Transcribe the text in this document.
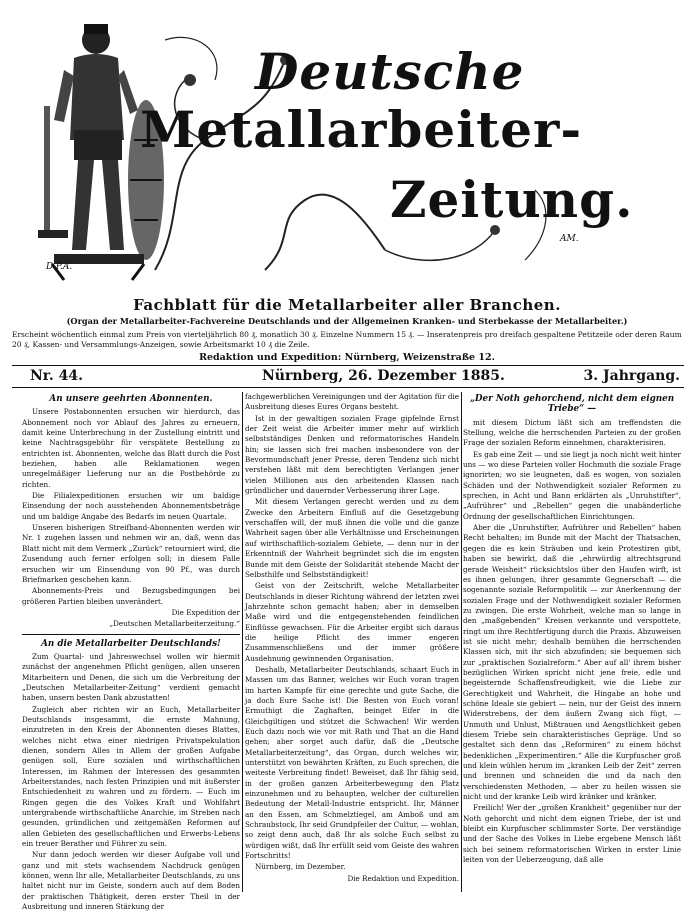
Deutsche
Metallarbeiter-
Zeitung.
D.P.A.
AM.
Fachblatt für die Metallarbeiter aller Branchen.
(Organ der Metallarbeiter-Fachvereine Deutschlands und der Allgemeinen Kranken- und Sterbekasse der Metallarbeiter.)
Erscheint wöchentlich einmal zum Preis von vierteljährlich 80 ₰, monatlich 30 ₰. Einzelne Nummern 15 ₰. — Inseratenpreis pro dreifach gespaltene Petitzeile oder deren Raum 20 ₰, Kassen- und Versammlungs-Anzeigen, sowie Arbeitsmarkt 10 ₰ die Zeile.
Redaktion und Expedition: Nürnberg, Weizenstraße 12.
Nr. 44.	Nürnberg, 26. Dezember 1885.	3. Jahrgang.
An unsere geehrten Abonnenten.

Unsere Postabonnenten ersuchen wir hierdurch, das Abonnement noch vor Ablauf des Jahres zu erneuern, damit keine Unterbrechung in der Zustellung eintritt und keine Nachtragsgebühr für verspätete Bestellung zu entrichten ist. Abonnenten, welche das Blatt durch die Post beziehen, haben alle Reklamationen wegen unregelmäßiger Lieferung nur an die Postbehörde zu richten.

Die Filialexpeditionen ersuchen wir um baldige Einsendung der noch ausstehenden Abonnementsbeträge und um baldige Angabe des Bedarfs im neuen Quartale.

Unseren bisherigen Streifband-Abonnenten werden wir Nr. 1 zugehen lassen und nehmen wir an, daß, wenn das Blatt nicht mit dem Vermerk „Zurück“ retourniert wird, die Zusendung auch ferner erfolgen soll; in diesem Falle ersuchen wir um Einsendung von 90 Pf., was durch Briefmarken geschehen kann.

Abonnements-Preis und Bezugsbedingungen bei größeren Partien bleiben unverändert.

Die Expedition der

„Deutschen Metallarbeiterzeitung.“

An die Metallarbeiter Deutschlands!

Zum Quartal- und Jahreswechsel wollen wir hiermit zunächst der angenehmen Pflicht genügen, allen unseren Mitarbeitern und Denen, die sich um die Verbreitung der „Deutschen Metallarbeiter-Zeitung“ verdient gemacht haben, unsern besten Dank abzustatten!

Zugleich aber richten wir an Euch, Metallarbeiter Deutschlands insgesammt, die ernste Mahnung, einzutreten in den Kreis der Abonnenten dieses Blattes, welches nicht etwa einer niedrigen Privatspekulation dienen, sondern Alles in Allem der großen Aufgabe genügen soll, Eure sozialen und wirthschaftlichen Interessen, im Rahmen der Interessen des gesammten Arbeiterstandes, nach festen Prinzipien und mit äußerster Entschiedenheit zu wahren und zu fördern. — Euch im Ringen gegen die des Volkes Kraft und Wohlfahrt untergrabende wirthschaftliche Anarchie, im Streben nach gesunden, gründlichen und zeitgemäßen Reformen auf allen Gebieten des gesellschaftlichen und Erwerbs-Lebens ein treuer Berather und Führer zu sein.

Nur dann jedoch werden wir dieser Aufgabe voll und ganz und mit stets wachsendem Nachdruck genügen können, wenn Ihr alle, Metallarbeiter Deutschlands, zu uns haltet nicht nur im Geiste, sondern auch auf dem Boden der praktischen Thätigkeit, deren erster Theil in der Ausbreitung und inneren Stärkung der

fachgewerblichen Vereinigungen und der Agitation für die Ausbreitung dieses Eures Organs besteht.

Ist in der gewaltigen sozialen Frage gipfelnde Ernst der Zeit weist die Arbeiter immer mehr auf wirklich selbstständiges Denken und reformatorisches Handeln hin; sie lassen sich frei machen insbesondere von der Bevormundschaft jener Presse, deren Tendenz sich nicht verstehen läßt mit dem berechtigten Verlangen jener vielen Millionen aus den arbeitenden Klassen nach gründlicher und dauernder Verbesserung ihrer Lage.

Mit diesem Verlangen gerecht werden und zu dem Zwecke den Arbeitern Einfluß auf die Gesetzgebung verschaffen will, der muß ihnen die volle und die ganze Wahrheit sagen über alle Verhältnisse und Erscheinungen auf wirthschaftlich-sozialem Gebiete, — denn nur in der Erkenntniß der Wahrheit begründet sich die im engsten Bunde mit dem Geiste der Solidarität stehende Macht der Selbsthilfe und Selbstständigkeit!

Geist von der Zeitschrift, welche Metallarbeiter Deutschlands in dieser Richtung während der letzten zwei Jahrzehnte schon gemacht haben; aber in demselben Maße wird und die entgegenstehenden feindlichen Einflüsse gewachsen. Für die Arbeiter ergibt sich daraus die heilige Pflicht des immer engeren Zusammenschließens und der immer größere Ausdehnung gewinnenden Organisation.

Deshalb, Metallarbeiter Deutschlands, schaart Euch in Massen um das Banner, welches wir Euch voran tragen im harten Kampfe für eine gerechte und gute Sache, die ja doch Eure Sache ist! Die Besten von Euch voran! Ermuthigt die Zaghaften, beinget Eifer in die Gleichgiltigen und stützet die Schwachen! Wir werden Euch dazu noch wie vor mit Rath und That an die Hand gehen; aber sorget auch dafür, daß die „Deutsche Metallarbeiterzeitung“, das Organ, durch welches wir, unterstützt von bewährten Kräften, zu Euch sprechen, die weiteste Verbreitung findet! Beweiset, daß Ihr fähig seid, in der großen ganzen Arbeiterbewegung den Platz einzunehmen und zu behaupten, welcher der culturellen Bedeutung der Metall-Industrie entspricht. Ihr, Männer an den Essen, am Schmelztiegel, am Amboß und am Schraubstock, Ihr seid Grundpfeiler der Cultur, — wohlan, so zeigt denn auch, daß Ihr als solche Euch selbst zu würdigen wißt, daß Ihr erfüllt seid vom Geiste des wahren Fortschritts!

Nürnberg, im Dezember.

Die Redaktion und Expedition.

„Der Noth gehorchend, nicht dem eignen Triebe“ —

mit diesem Dictum läßt sich am treffendsten die Stellung, welche die herrschenden Parteien zu der großen Frage der sozialen Reform einnehmen, charakterisiren.

Es gab eine Zeit — und sie liegt ja noch nicht weit hinter uns — wo diese Parteien voller Hochmuth die soziale Frage ignorirten; wo sie leugneten, daß es wogen, von sozialen Schäden und der Nothwendigkeit sozialer Reformen zu sprechen, in Acht und Bann erklärten als „Unruhstifter“, „Aufrührer“ und „Rebellen“ gegen die unabänderliche Ordnung der gesellschaftlichen Einrichtungen.

Aber die „Unruhstifter, Aufrührer und Rebellen“ haben Recht behalten; im Bunde mit der Macht der Thatsachen, gegen die es kein Sträuben und kein Protestiren gibt, haben sie bewirkt, daß die „ehrwürdig altrechtsgrund gerade Weisheit“ rücksichtslos über den Haufen wirft, ist es ihnen gelungen, ihrer gesammte Gegnerschaft — die sogenannte soziale Reformpolitik — zur Anerkennung der sozialen Frage und der Nothwendigkeit sozialer Reformen zu zwingen. Die erste Wohrheit, welche man so lange in den „maßgebenden“ Kreisen verkannte und verspottete, ringt um ihre Rechtfertigung durch die Praxis. Abzuweisen ist sie nicht mehr; deshalb bemühen die herrschenden Klassen sich, mit ihr sich abzufinden; sie bequemen sich zur „praktischen Sozialreform.“ Aber auf all' ihrem bisher bezüglichen Wirken spricht nicht jene freie, edle und begeisternde Schaffensfreudigkeit, wie die Liebe zur Gerechtigkeit und Wahrheit, die Hingabe an hohe und schöne Ideale sie gebiert — nein, nur der Geist des innern Widerstrebens, der dem äußern Zwang sich fügt, — Unmuth und Unlust, Mißtrauen und Aengstlichkeit geben diesem Triebe sein charakteristisches Gepräge. Und so gestaltet sich denn das „Reformiren“ zu einem höchst bedenklichen „Experimentiren.“ Alle die Kurpfuscher groß und klein wühlen herum im „kranken Leib der Zeit“ zerren und brennen und schneiden die und da nach den verschiedensten Methoden, — aber zu heilen wissen sie nicht und der kranke Leib wird kränker und kränker.

Freilich! Wer der „großen Krankheit“ gegenüber nur der Noth gehorcht und nicht dem eignen Triebe, der ist und bleibt ein Kurpfuscher schlimmster Sorte. Der verständige und der Sache des Volkes in Liebe ergebene Mensch läßt sich bei seinem reformatorischen Wirken in erster Linie leiten von der Ueberzeugung, daß alle
